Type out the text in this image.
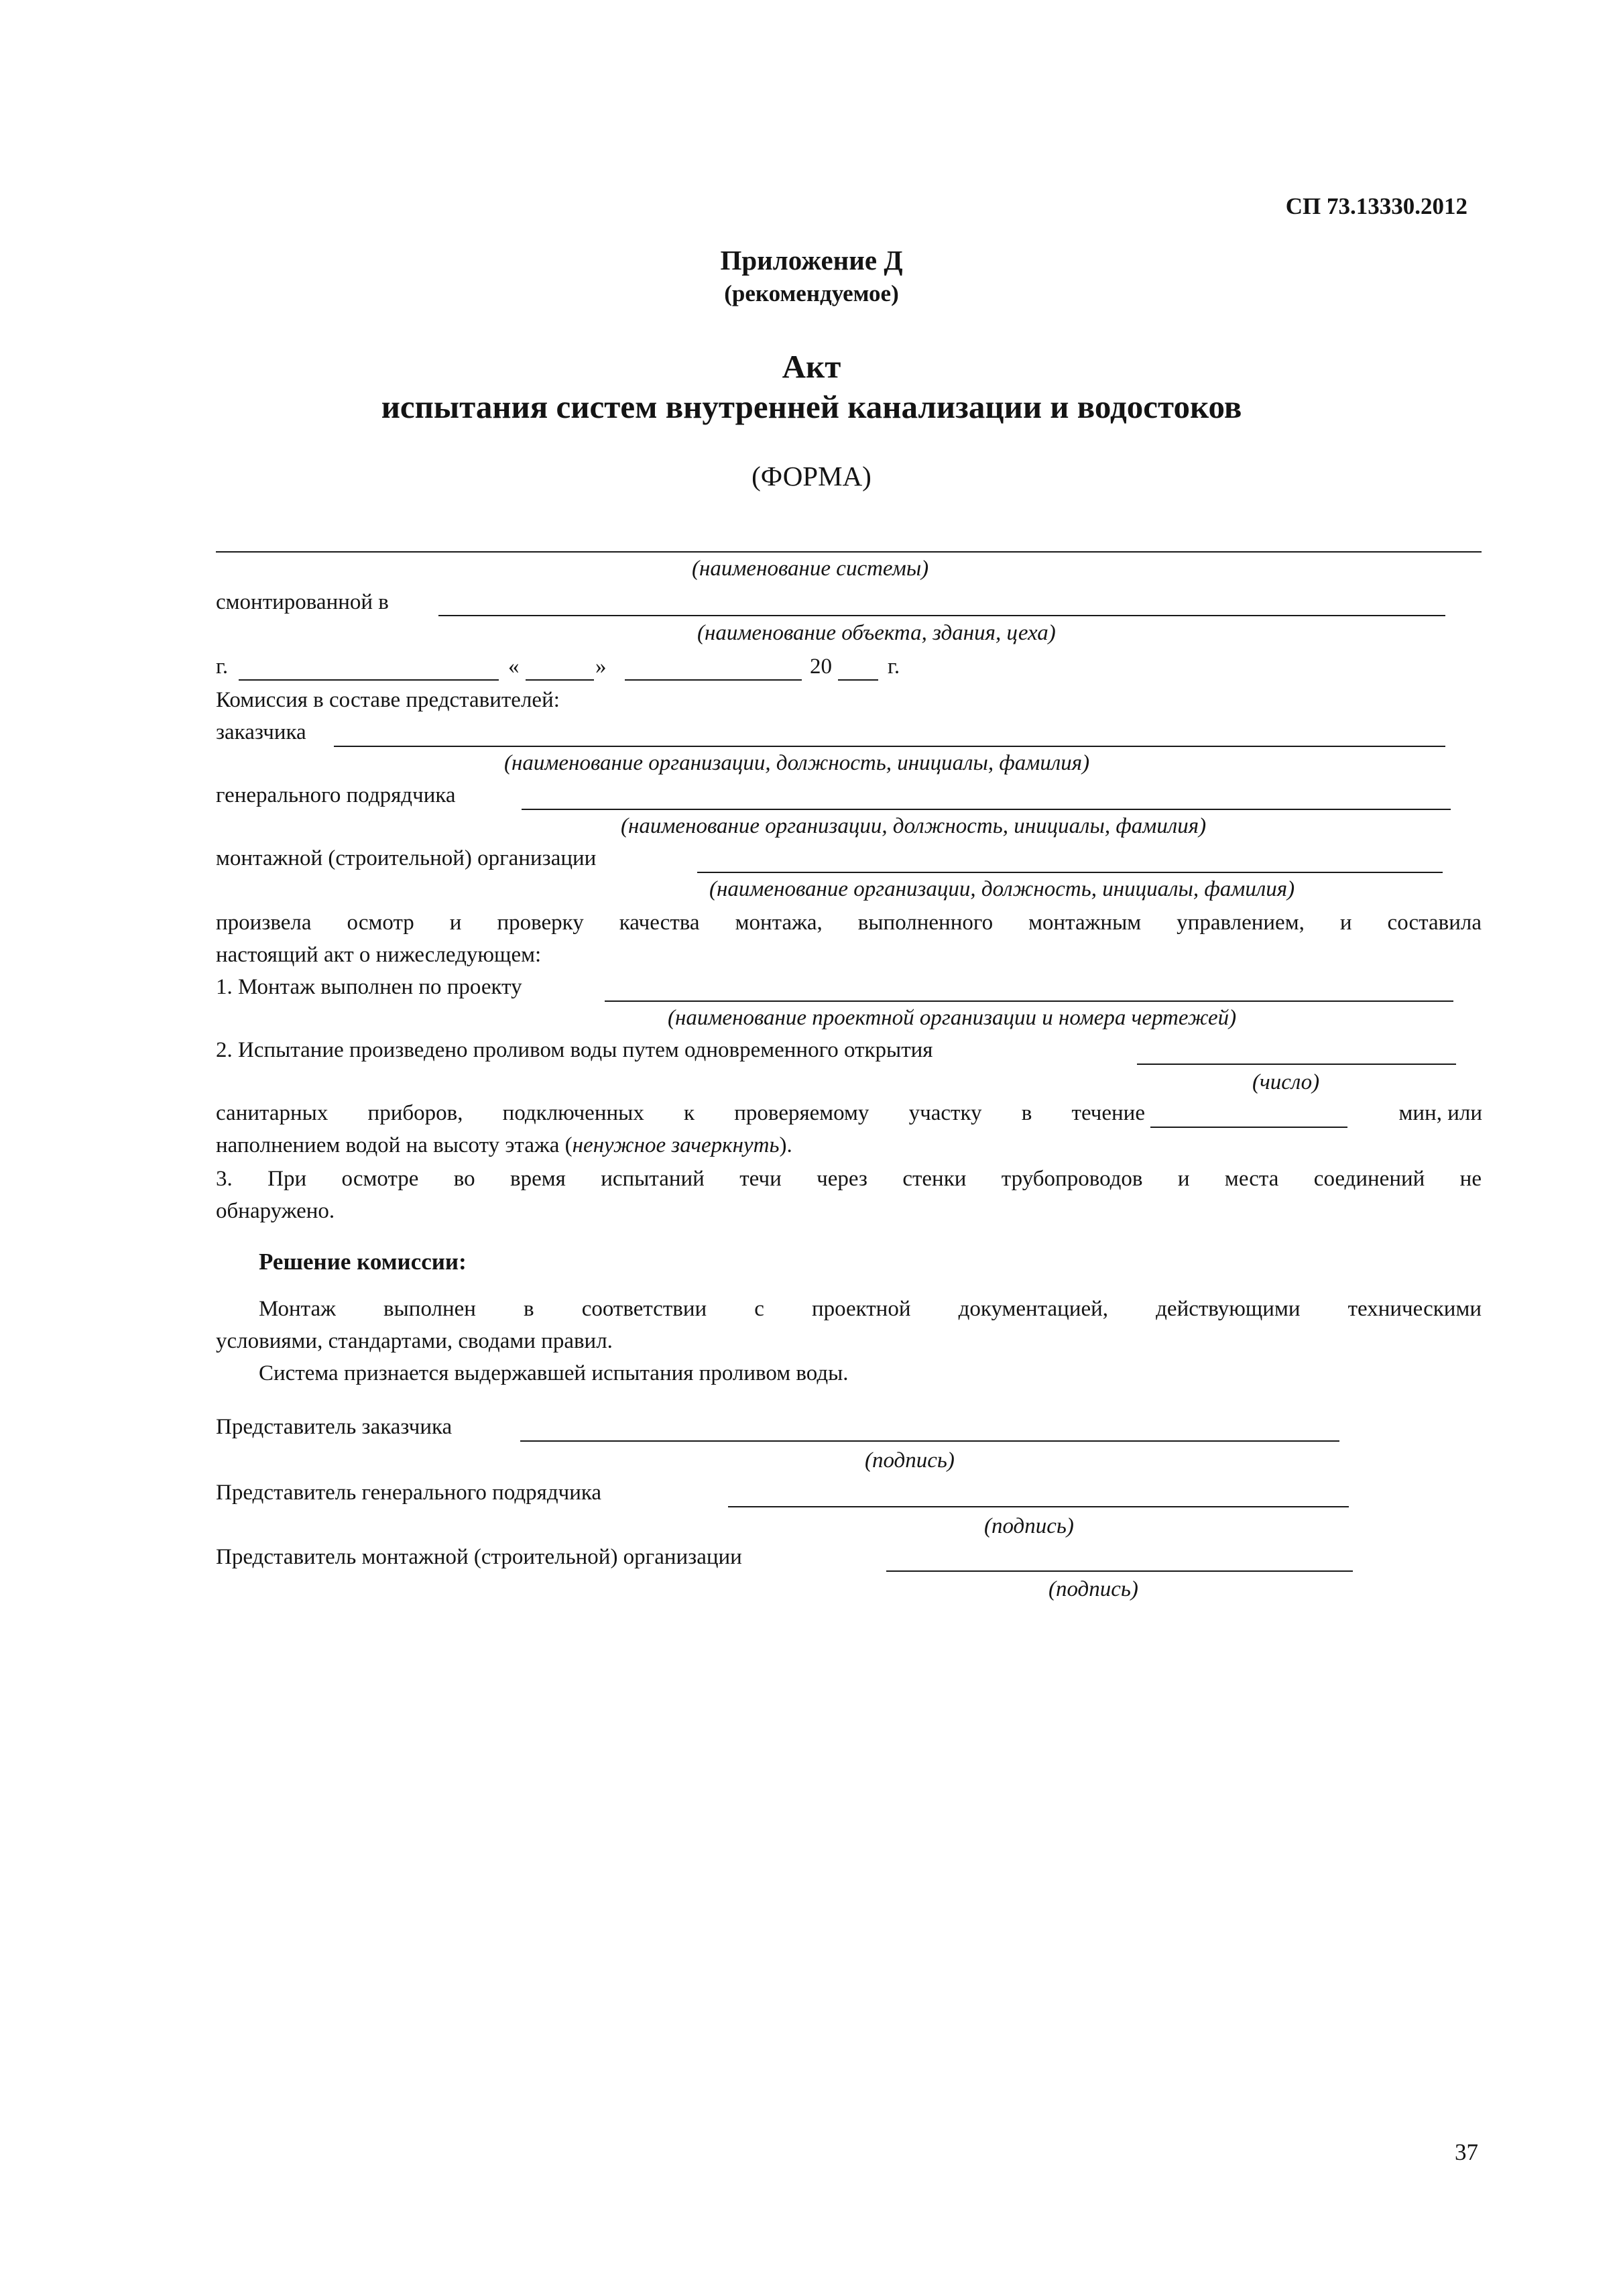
СП 73.13330.2012
Приложение Д
(рекомендуемое)
Акт
испытания систем внутренней канализации и водостоков
(ФОРМА)
(наименование системы)
смонтированной в
(наименование объекта, здания, цеха)
г.	«	»	20	г.
Комиссия в составе представителей:
заказчика
(наименование организации, должность, инициалы, фамилия)
генерального подрядчика
(наименование организации, должность, инициалы, фамилия)
монтажной (строительной) организации
(наименование организации, должность, инициалы, фамилия)
произвела осмотр и проверку качества монтажа, выполненного монтажным управлением, и составила
настоящий акт о нижеследующем:
1. Монтаж выполнен по проекту
(наименование проектной организации и номера чертежей)
2. Испытание произведено проливом воды путем одновременного открытия
(число)
санитарных приборов, подключенных к проверяемому участку в течение	мин, или
наполнением водой на высоту этажа (ненужное зачеркнуть).
3. При осмотре во время испытаний течи через стенки трубопроводов и места соединений не
обнаружено.
Решение комиссии:
Монтаж выполнен в соответствии с проектной документацией, действующими техническими
условиями, стандартами, сводами правил.
Система признается выдержавшей испытания проливом воды.
Представитель заказчика
(подпись)
Представитель генерального подрядчика
(подпись)
Представитель монтажной (строительной) организации
(подпись)
37
